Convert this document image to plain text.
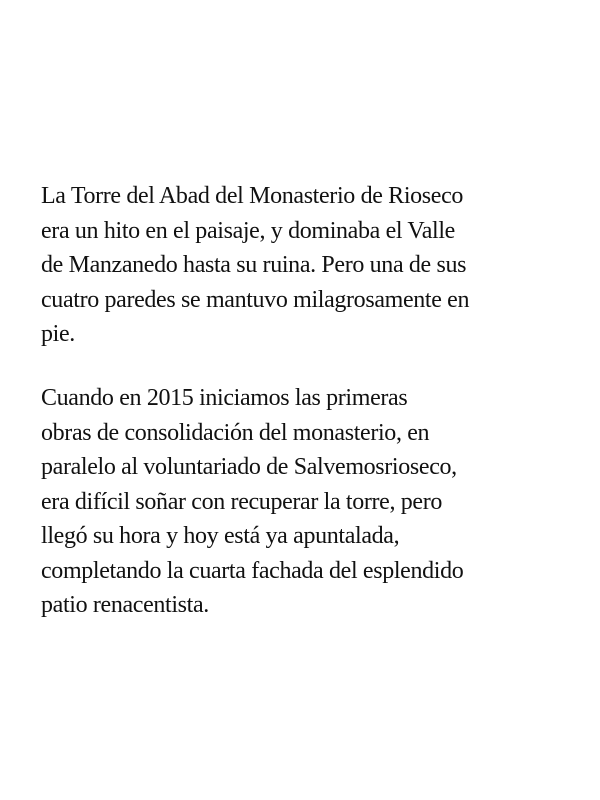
La Torre del Abad del Monasterio de Rioseco
era un hito en el paisaje, y dominaba el Valle
de Manzanedo hasta su ruina. Pero una de sus
cuatro paredes se mantuvo milagrosamente en
pie.
Cuando en 2015 iniciamos las primeras
obras de consolidación del monasterio, en
paralelo al voluntariado de Salvemosrioseco,
era difícil soñar con recuperar la torre, pero
llegó su hora y hoy está ya apuntalada,
completando la cuarta fachada del esplendido
patio renacentista.
